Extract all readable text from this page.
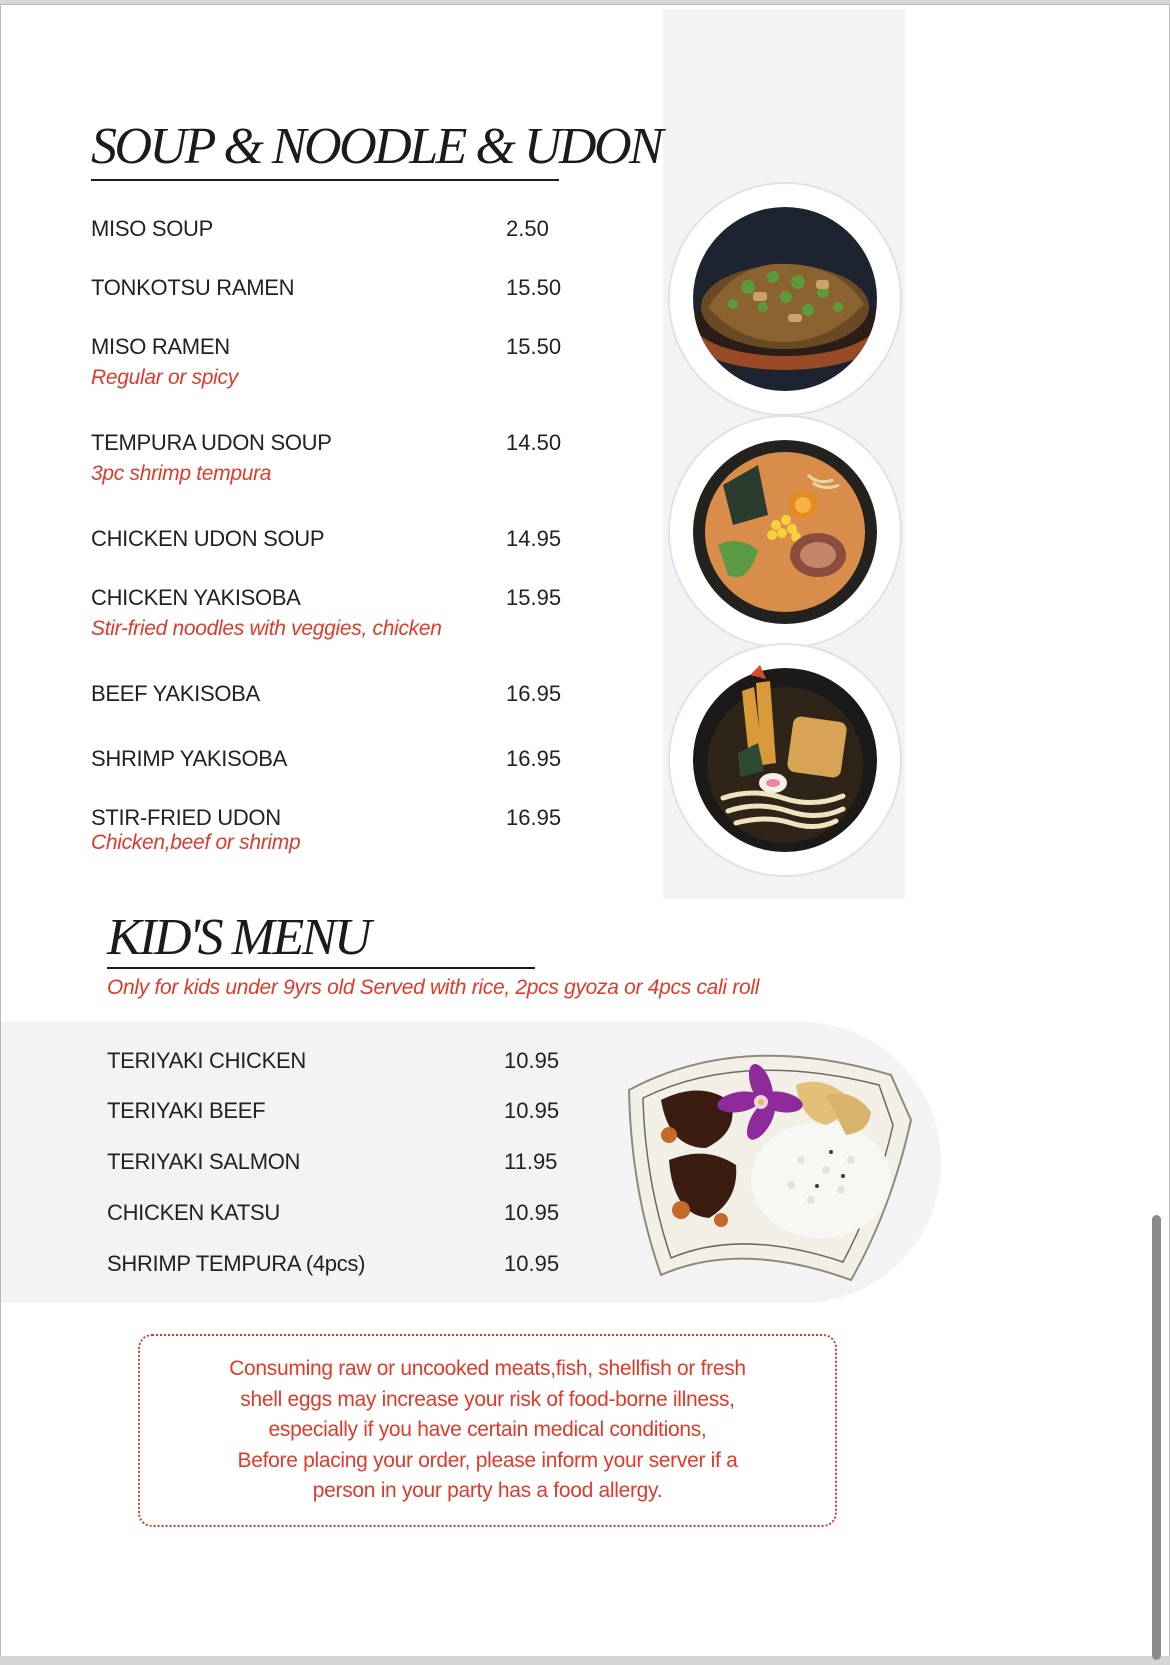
SOUP & NOODLE & UDON
MISO SOUP	2.50
TONKOTSU RAMEN	15.50
MISO RAMEN	15.50
Regular or spicy
TEMPURA UDON SOUP	14.50
3pc shrimp tempura
CHICKEN UDON SOUP	14.95
CHICKEN YAKISOBA	15.95
Stir-fried noodles with veggies, chicken
BEEF YAKISOBA	16.95
SHRIMP YAKISOBA	16.95
STIR-FRIED UDON	16.95
Chicken,beef or shrimp
KID'S MENU
Only for kids under 9yrs old Served with rice, 2pcs gyoza or 4pcs cali roll
TERIYAKI CHICKEN	10.95
TERIYAKI BEEF	10.95
TERIYAKI SALMON	11.95
CHICKEN KATSU	10.95
SHRIMP TEMPURA (4pcs)	10.95
Consuming raw or uncooked meats,fish, shellfish or fresh
shell eggs may increase your risk of food-borne illness,
especially if you have certain medical conditions,
Before placing your order, please inform your server if a
person in your party has a food allergy.
